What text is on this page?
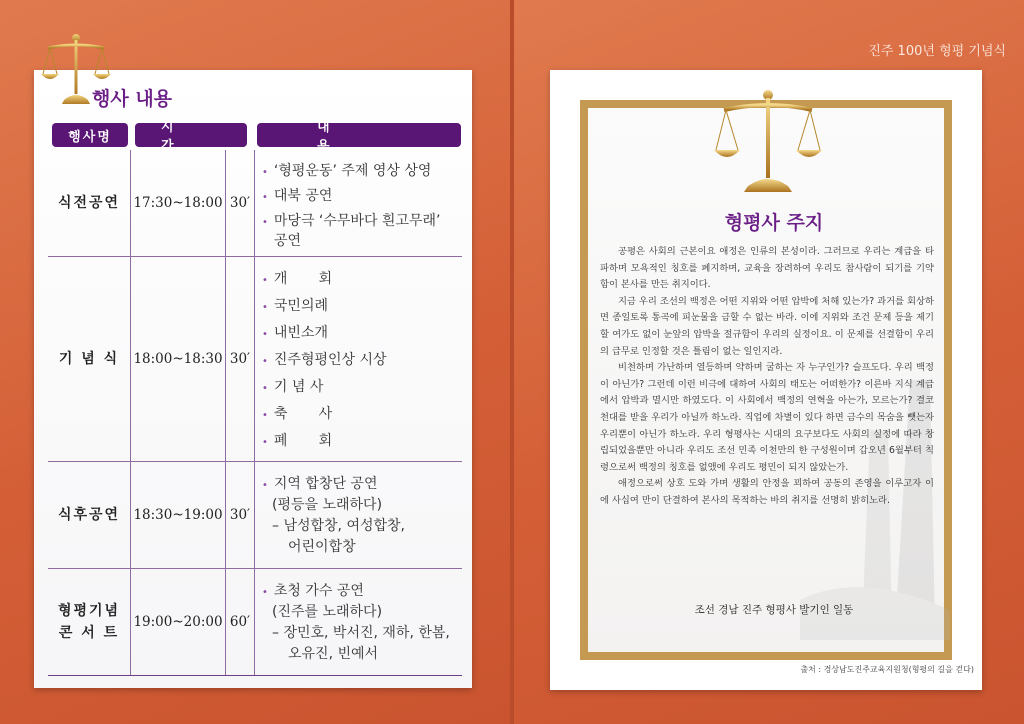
진주 100년 형평 기념식
행사 내용
행사명
시 간
내 용
식전공연 17:30~18:00 30′
• ‘형평운동’ 주제 영상 상영
• 대북 공연
• 마당극 ‘수무바다 흰고무래’
공연
기 념 식	18:00~18:30 30′
• 개       회
• 국민의례
• 내빈소개
• 진주형평인상 시상
• 기 념 사
• 축       사
• 폐       회
식후공연 18:30~19:00 30′
• 지역 합창단 공연
(평등을 노래하다)
– 남성합창, 여성합창,
어린이합창
형평기념
콘 서 트
19:00~20:00 60′
• 초청 가수 공연
(진주를 노래하다)
– 장민호, 박서진, 재하, 한봄,
오유진, 빈예서
형평사 주지

공평은 사회의 근본이요 애정은 인류의 본성이라. 그러므로 우리는 계급을 타파하며 모욕적인 칭호를 폐지하며, 교육을 장려하여 우리도 참사람이 되기를 기약함이 본사를 만든 취지이다.

지금 우리 조선의 백정은 어떤 지위와 어떤 압박에 처해 있는가? 과거를 회상하면 종일토록 통곡에 피눈물을 금할 수 없는 바라. 이에 지위와 조건 문제 등을 제기할 여가도 없이 눈앞의 압박을 절규함이 우리의 실정이요. 이 문제를 선결함이 우리의 급무로 인정할 것은 틀림이 없는 일인지라.

비천하며 가난하며 열등하며 약하며 굴하는 자 누구인가? 슬프도다. 우리 백정이 아닌가? 그런데 이런 비극에 대하여 사회의 태도는 어떠한가? 이른바 지식 계급에서 압박과 멸시만 하였도다. 이 사회에서 백정의 연혁을 아는가, 모르는가? 결코 천대를 받을 우리가 아닐까 하노라. 직업에 차별이 있다 하면 금수의 목숨을 뺏는자 우리뿐이 아닌가 하노라. 우리 형평사는 시대의 요구보다도 사회의 실정에 따라 창립되었을뿐만 아니라 우리도 조선 민족 이천만의 한 구성원이며 갑오년 6월부터 칙령으로써 백정의 칭호를 없앴에 우리도 평민이 되지 않았는가.

애정으로써 상호 도와 가며 생활의 안정을 꾀하여 공동의 존영을 이루고자 이에 사십여 만이 단결하여 본사의 목적하는 바의 취지를 선명히 밝히노라.

조선 경남 진주 형평사 발기인 일동
출처 : 경상남도진주교육지원청(형평의 길을 걷다)
